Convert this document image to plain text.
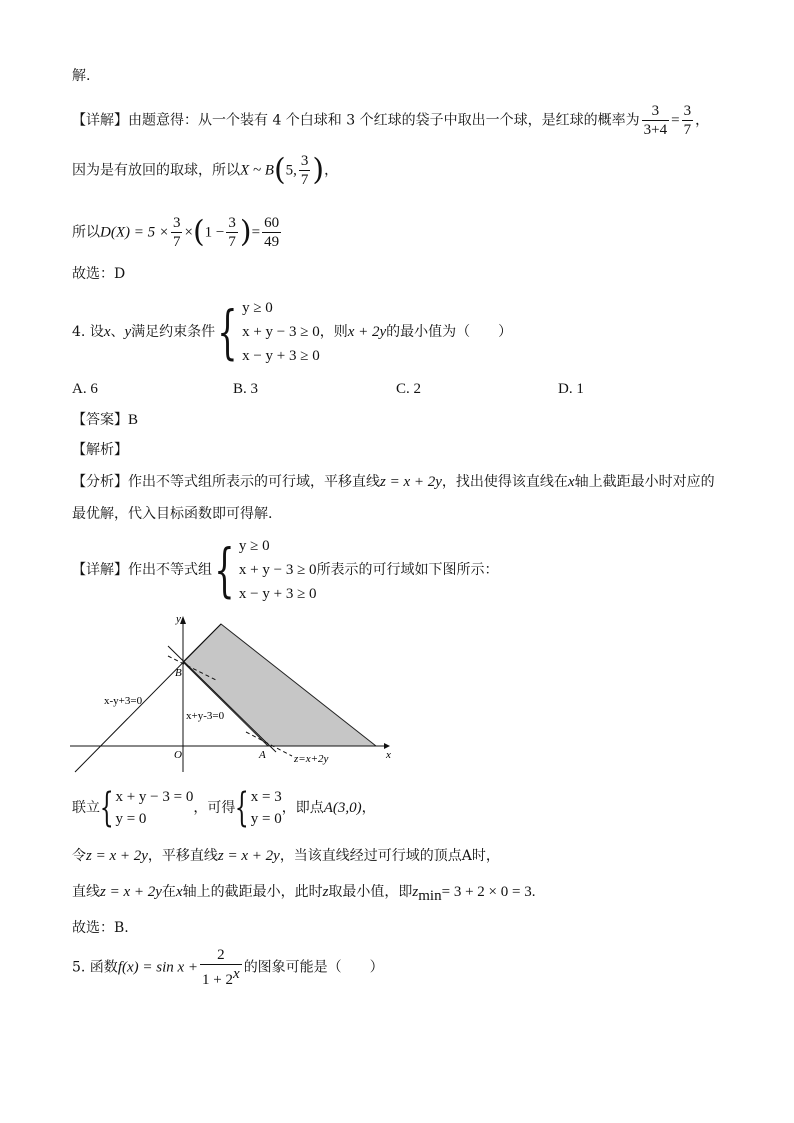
解.
【详解】由题意得：从一个装有 4 个白球和 3 个红球的袋子中取出一个球，是红球的概率为 $\frac{3}{3+4} = \frac{3}{7}$ ，
因为是有放回的取球，所以X ~ B(5, $\frac{3}{7}$ )，
所以$D(X) = 5 \times \frac{3}{7} \times(1 - \frac{3}{7}$ )= $\frac{60}{49}$
故选：D
4. 设x、y满足约束条件 { y ≥ 0
x + y − 3 ≥ 0
x − y + 3 ≥ 0
，则x + 2y的最小值为（　　）
A. 6	B. 3	C. 2	D. 1
【答案】B
【解析】
【分析】作出不等式组所表示的可行域，平移直线z = x + 2y，找出使得该直线在x轴上截距最小时对应的
最优解，代入目标函数即可得解.
【详解】作出不等式组 { y ≥ 0
x + y − 3 ≥ 0
x − y + 3 ≥ 0
所表示的可行域如下图所示：
y
x
O
B
A
x-y+3=0
x+y-3=0
z=x+2y
联立 { x + y − 3 = 0
y = 0
，可得 { x = 3
y = 0
，即点A(3,0)，
令z = x + 2y，平移直线z = x + 2y，当该直线经过可行域的顶点A时，
直线z = x + 2y在x轴上的截距最小，此时z取最小值，即$z_{min}= 3 + 2 \times 0 = 3$.
故选：B.
5. 函数$f(x) = \sin x + \frac{2}{1 + 2^x}$ 的图象可能是（　　）
